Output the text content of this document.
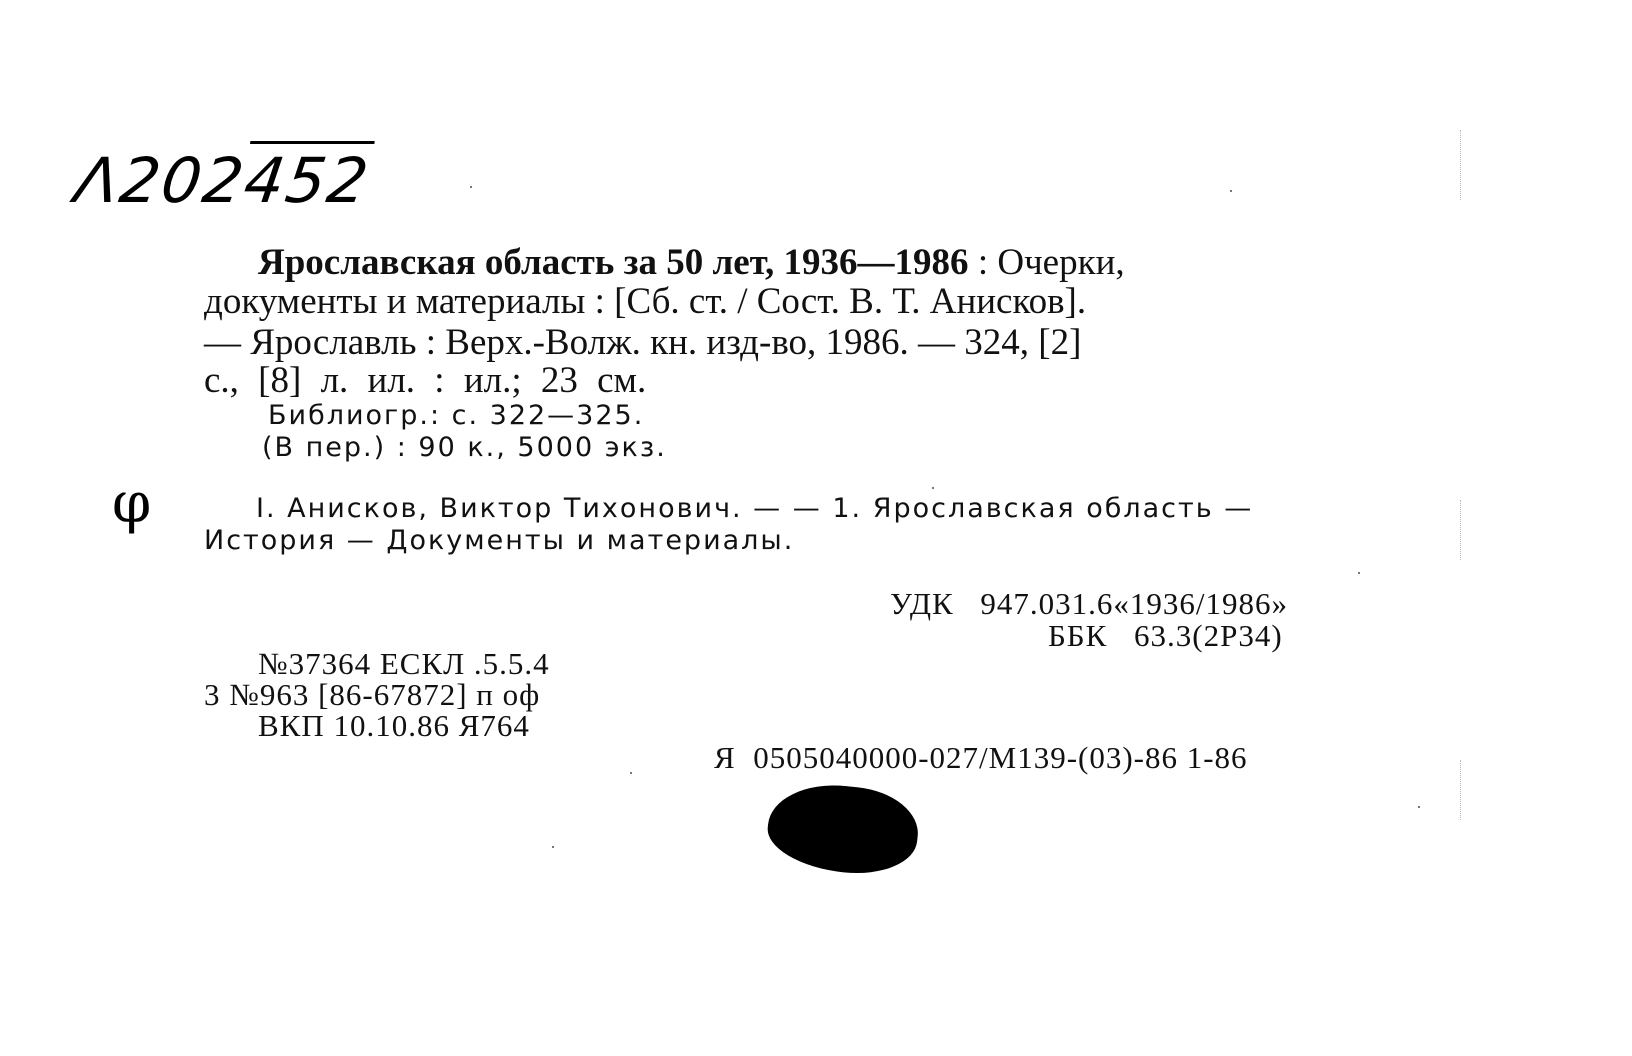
Λ202452
φ
Ярославская область за 50 лет, 1936—1986 : Очерки,
документы и материалы : [Сб. ст. / Сост. В. Т. Анисков].
— Ярославль : Верх.-Волж. кн. изд-во, 1986. — 324, [2]
с., [8] л. ил. : ил.; 23 см.
Библиогр.: с. 322—325.
(В пер.) : 90 к., 5000 экз.
I. Анисков, Виктор Тихонович. — — 1. Ярославская область —
История — Документы и материалы.
УДК 947.031.6«1936/1986»
ББК 63.3(2Р34)
№37364 ЕСКЛ .5.5.4
3 №963 [86-67872] п оф
ВКП 10.10.86 Я764
Я 0505040000-027/М139-(03)-86 1-86
